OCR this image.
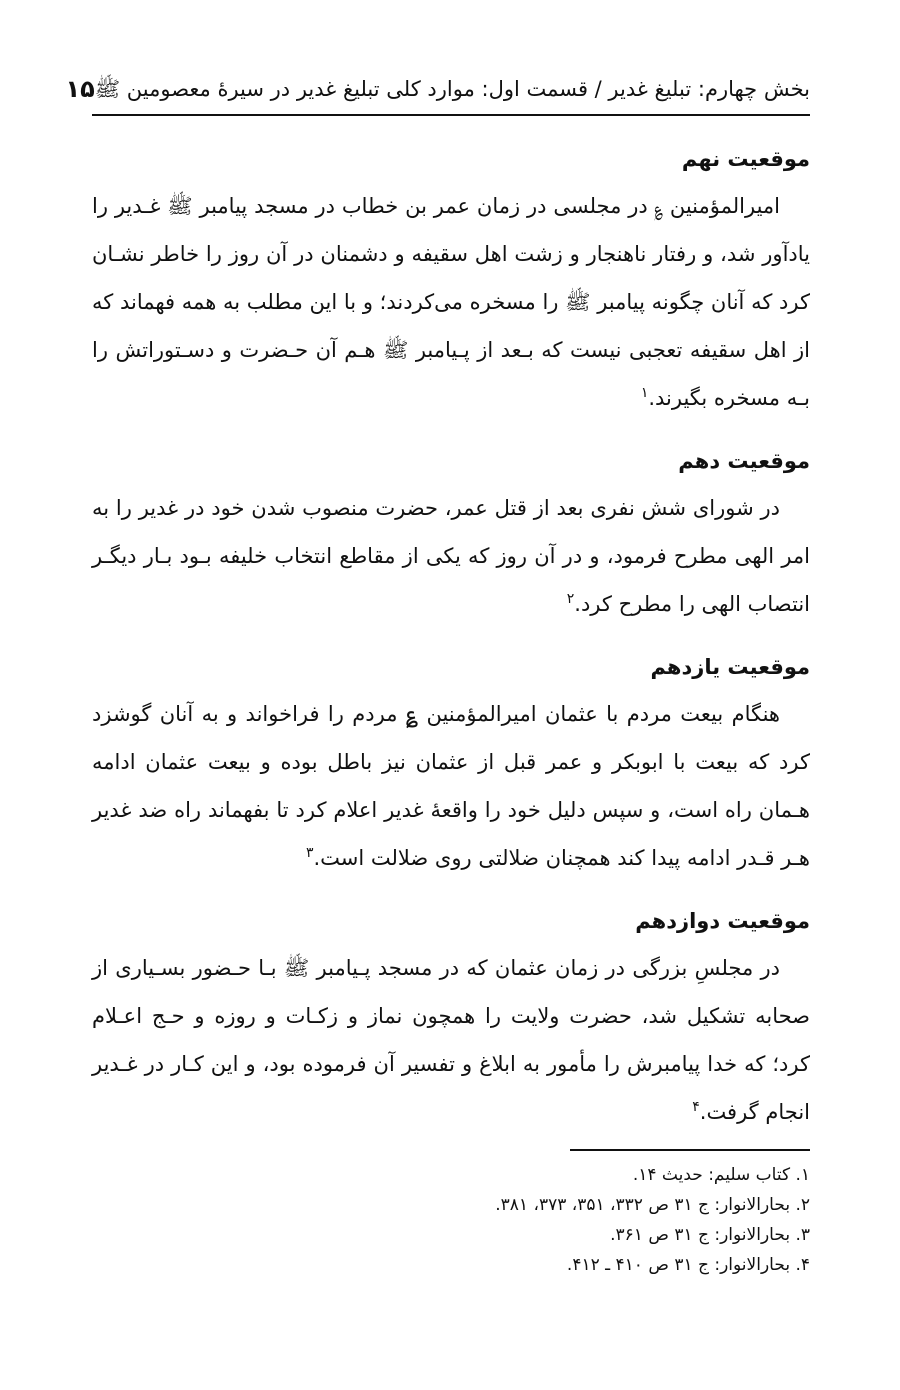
بخش چهارم: تبلیغ غدیر / قسمت اول: موارد کلی تبلیغ غدیر در سیرۀ معصومین ﷺ
۱۵
موقعیت نهم

امیرالمؤمنین ؏ در مجلسی در زمان عمر بن خطاب در مسجد پیامبر ﷺ غـدیر را یادآور شد، و رفتار ناهنجار و زشت اهل سقیفه و دشمنان در آن روز را خاطر نشـان کرد که آنان چگونه پیامبر ﷺ را مسخره می‌کردند؛ و با این مطلب به همه فهماند که از اهل سقیفه تعجبی نیست که بـعد از پـیامبر ﷺ هـم آن حـضرت و دسـتوراتش را بـه مسخره بگیرند.$^۱$

موقعیت دهم

در شورای شش نفری بعد از قتل عمر، حضرت منصوب شدن خود در غدیر را به امر الهی مطرح فرمود، و در آن روز که یکی از مقاطع انتخاب خلیفه بـود بـار دیگـر انتصاب الهی را مطرح کرد.$^۲$

موقعیت یازدهم

هنگام بیعت مردم با عثمان امیرالمؤمنین ؏ مردم را فراخواند و به آنان گوشزد کرد که بیعت با ابوبکر و عمر قبل از عثمان نیز باطل بوده و بیعت عثمان ادامه هـمان راه است، و سپس دلیل خود را واقعۀ غدیر اعلام کرد تا بفهماند راه ضد غدیر هـر قـدر ادامه پیدا کند همچنان ضلالتی روی ضلالت است.$^۳$

موقعیت دوازدهم

در مجلسِ بزرگی در زمان عثمان که در مسجد پـیامبر ﷺ بـا حـضور بسـیاری از صحابه تشکیل شد، حضرت ولایت را همچون نماز و زکـات و روزه و حـج اعـلام کرد؛ که خدا پیامبرش را مأمور به ابلاغ و تفسیر آن فرموده بود، و این کـار در غـدیر انجام گرفت.$^۴$

۱. کتاب سلیم: حدیث ۱۴.

۲. بحارالانوار: ج ۳۱ ص ۳۳۲، ۳۵۱، ۳۷۳، ۳۸۱.

۳. بحارالانوار: ج ۳۱ ص ۳۶۱.

۴. بحارالانوار: ج ۳۱ ص ۴۱۰ ـ ۴۱۲.
